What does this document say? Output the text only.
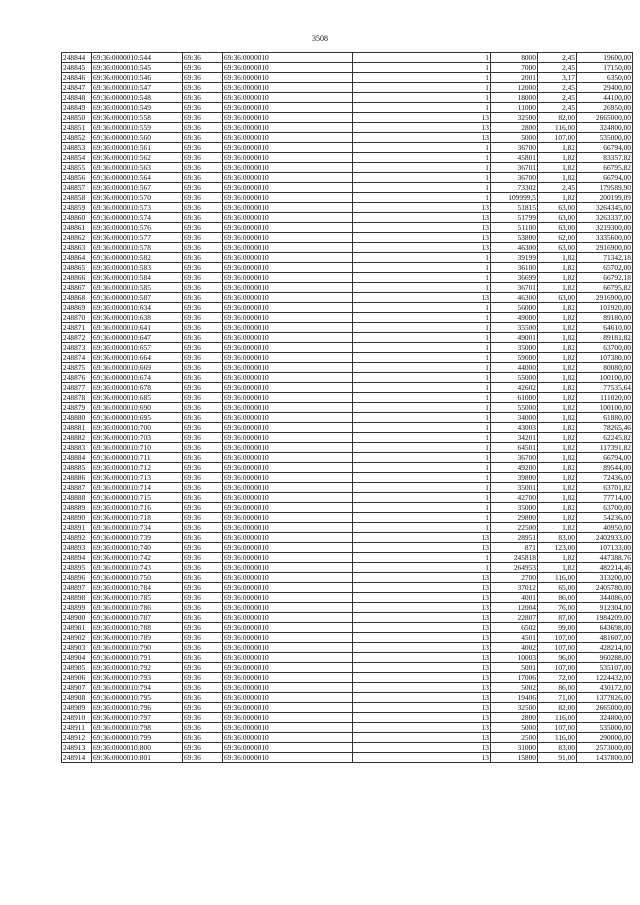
3508
248844	69:36:0000010:544	69:36	69:36:0000010	1	8000	2,45	19600,00
248845	69:36:0000010:545	69:36	69:36:0000010	1	7000	2,45	17150,00
248846	69:36:0000010:546	69:36	69:36:0000010	1	2001	3,17	6350,00
248847	69:36:0000010:547	69:36	69:36:0000010	1	12000	2,45	29400,00
248848	69:36:0000010:548	69:36	69:36:0000010	1	18000	2,45	44100,00
248849	69:36:0000010:549	69:36	69:36:0000010	1	11000	2,45	26950,00
248850	69:36:0000010:558	69:36	69:36:0000010	13	32500	82,00	2665000,00
248851	69:36:0000010:559	69:36	69:36:0000010	13	2800	116,00	324800,00
248852	69:36:0000010:560	69:36	69:36:0000010	13	5000	107,00	535000,00
248853	69:36:0000010:561	69:36	69:36:0000010	1	36700	1,82	66794,00
248854	69:36:0000010:562	69:36	69:36:0000010	1	45801	1,82	83357,82
248855	69:36:0000010:563	69:36	69:36:0000010	1	36701	1,82	66795,82
248856	69:36:0000010:564	69:36	69:36:0000010	1	36700	1,82	66794,00
248857	69:36:0000010:567	69:36	69:36:0000010	1	73302	2,45	179589,90
248858	69:36:0000010:570	69:36	69:36:0000010	1	109999,5	1,82	200199,09
248859	69:36:0000010:573	69:36	69:36:0000010	13	51815	63,00	3264345,00
248860	69:36:0000010:574	69:36	69:36:0000010	13	51799	63,00	3263337,00
248861	69:36:0000010:576	69:36	69:36:0000010	13	51100	63,00	3219300,00
248862	69:36:0000010:577	69:36	69:36:0000010	13	53800	62,00	3335600,00
248863	69:36:0000010:578	69:36	69:36:0000010	13	46300	63,00	2916900,00
248864	69:36:0000010:582	69:36	69:36:0000010	1	39199	1,82	71342,18
248865	69:36:0000010:583	69:36	69:36:0000010	1	36100	1,82	65702,00
248866	69:36:0000010:584	69:36	69:36:0000010	1	36699	1,82	66792,18
248867	69:36:0000010:585	69:36	69:36:0000010	1	36701	1,82	66795,82
248868	69:36:0000010:587	69:36	69:36:0000010	13	46300	63,00	2916900,00
248869	69:36:0000010:634	69:36	69:36:0000010	1	56000	1,82	101920,00
248870	69:36:0000010:638	69:36	69:36:0000010	1	49000	1,82	89180,00
248871	69:36:0000010:641	69:36	69:36:0000010	1	35500	1,82	64610,00
248872	69:36:0000010:647	69:36	69:36:0000010	1	49001	1,82	89181,82
248873	69:36:0000010:657	69:36	69:36:0000010	1	35000	1,82	63700,00
248874	69:36:0000010:664	69:36	69:36:0000010	1	59000	1,82	107380,00
248875	69:36:0000010:669	69:36	69:36:0000010	1	44000	1,82	80080,00
248876	69:36:0000010:674	69:36	69:36:0000010	1	55000	1,82	100100,00
248877	69:36:0000010:678	69:36	69:36:0000010	1	42602	1,82	77535,64
248878	69:36:0000010:685	69:36	69:36:0000010	1	61000	1,82	111020,00
248879	69:36:0000010:690	69:36	69:36:0000010	1	55000	1,82	100100,00
248880	69:36:0000010:695	69:36	69:36:0000010	1	34000	1,82	61880,00
248881	69:36:0000010:700	69:36	69:36:0000010	1	43003	1,82	78265,46
248882	69:36:0000010:703	69:36	69:36:0000010	1	34201	1,82	62245,82
248883	69:36:0000010:710	69:36	69:36:0000010	1	64501	1,82	117391,82
248884	69:36:0000010:711	69:36	69:36:0000010	1	36700	1,82	66794,00
248885	69:36:0000010:712	69:36	69:36:0000010	1	49200	1,82	89544,00
248886	69:36:0000010:713	69:36	69:36:0000010	1	39800	1,82	72436,00
248887	69:36:0000010:714	69:36	69:36:0000010	1	35001	1,82	63701,82
248888	69:36:0000010:715	69:36	69:36:0000010	1	42700	1,82	77714,00
248889	69:36:0000010:716	69:36	69:36:0000010	1	35000	1,82	63700,00
248890	69:36:0000010:718	69:36	69:36:0000010	1	29800	1,82	54236,00
248891	69:36:0000010:734	69:36	69:36:0000010	1	22500	1,82	40950,00
248892	69:36:0000010:739	69:36	69:36:0000010	13	28951	83,00	2402933,00
248893	69:36:0000010:740	69:36	69:36:0000010	13	871	123,00	107133,00
248894	69:36:0000010:742	69:36	69:36:0000010	1	245818	1,82	447388,76
248895	69:36:0000010:743	69:36	69:36:0000010	1	264953	1,82	482214,46
248896	69:36:0000010:750	69:36	69:36:0000010	13	2700	116,00	313200,00
248897	69:36:0000010:784	69:36	69:36:0000010	13	37012	65,00	2405780,00
248898	69:36:0000010:785	69:36	69:36:0000010	13	4001	86,00	344086,00
248899	69:36:0000010:786	69:36	69:36:0000010	13	12004	76,00	912304,00
248900	69:36:0000010:787	69:36	69:36:0000010	13	22807	87,00	1984209,00
248901	69:36:0000010:788	69:36	69:36:0000010	13	6502	99,00	643698,00
248902	69:36:0000010:789	69:36	69:36:0000010	13	4501	107,00	481607,00
248903	69:36:0000010:790	69:36	69:36:0000010	13	4002	107,00	428214,00
248904	69:36:0000010:791	69:36	69:36:0000010	13	10003	96,00	960288,00
248905	69:36:0000010:792	69:36	69:36:0000010	13	5001	107,00	535107,00
248906	69:36:0000010:793	69:36	69:36:0000010	13	17006	72,00	1224432,00
248907	69:36:0000010:794	69:36	69:36:0000010	13	5002	86,00	430172,00
248908	69:36:0000010:795	69:36	69:36:0000010	13	19406	71,00	1377826,00
248909	69:36:0000010:796	69:36	69:36:0000010	13	32500	82,00	2665000,00
248910	69:36:0000010:797	69:36	69:36:0000010	13	2800	116,00	324800,00
248911	69:36:0000010:798	69:36	69:36:0000010	13	5000	107,00	535000,00
248912	69:36:0000010:799	69:36	69:36:0000010	13	2500	116,00	290000,00
248913	69:36:0000010:800	69:36	69:36:0000010	13	31000	83,00	2573000,00
248914	69:36:0000010:801	69:36	69:36:0000010	13	15800	91,00	1437800,00
